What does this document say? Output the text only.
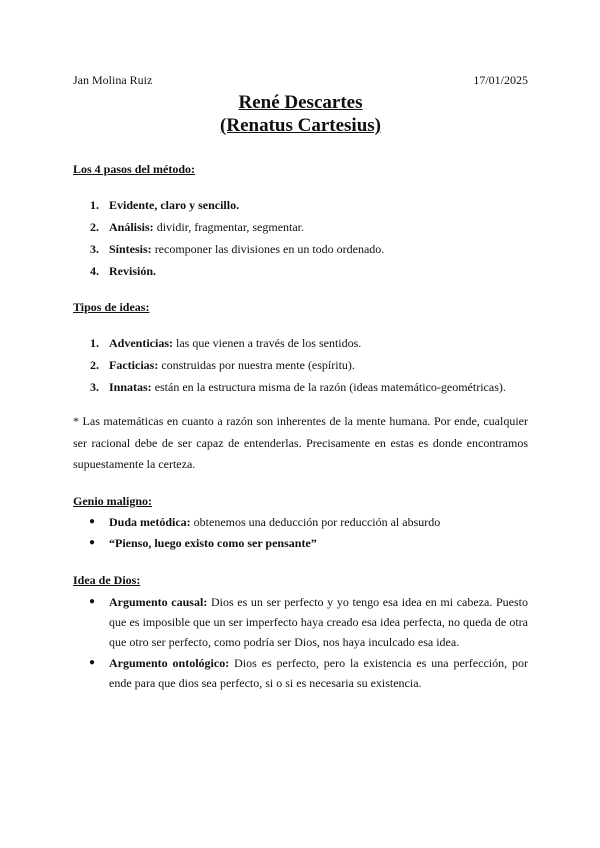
Jan Molina Ruiz	17/01/2025
René Descartes
(Renatus Cartesius)
Los 4 pasos del método:
1. Evidente, claro y sencillo.
2. Análisis: dividir, fragmentar, segmentar.
3. Síntesis: recomponer las divisiones en un todo ordenado.
4. Revisión.
Tipos de ideas:
1. Adventicias: las que vienen a través de los sentidos.
2. Facticias: construidas por nuestra mente (espíritu).
3. Innatas: están en la estructura misma de la razón (ideas matemático-geométricas).
* Las matemáticas en cuanto a razón son inherentes de la mente humana. Por ende, cualquier ser racional debe de ser capaz de entenderlas. Precisamente en estas es donde encontramos supuestamente la certeza.
Genio maligno:
● Duda metódica: obtenemos una deducción por reducción al absurdo
● “Pienso, luego existo como ser pensante”
Idea de Dios:
● Argumento causal: Dios es un ser perfecto y yo tengo esa idea en mi cabeza. Puesto que es imposible que un ser imperfecto haya creado esa idea perfecta, no queda de otra que otro ser perfecto, como podría ser Dios, nos haya inculcado esa idea.
● Argumento ontológico: Dios es perfecto, pero la existencia es una perfección, por ende para que dios sea perfecto, si o si es necesaria su existencia.
